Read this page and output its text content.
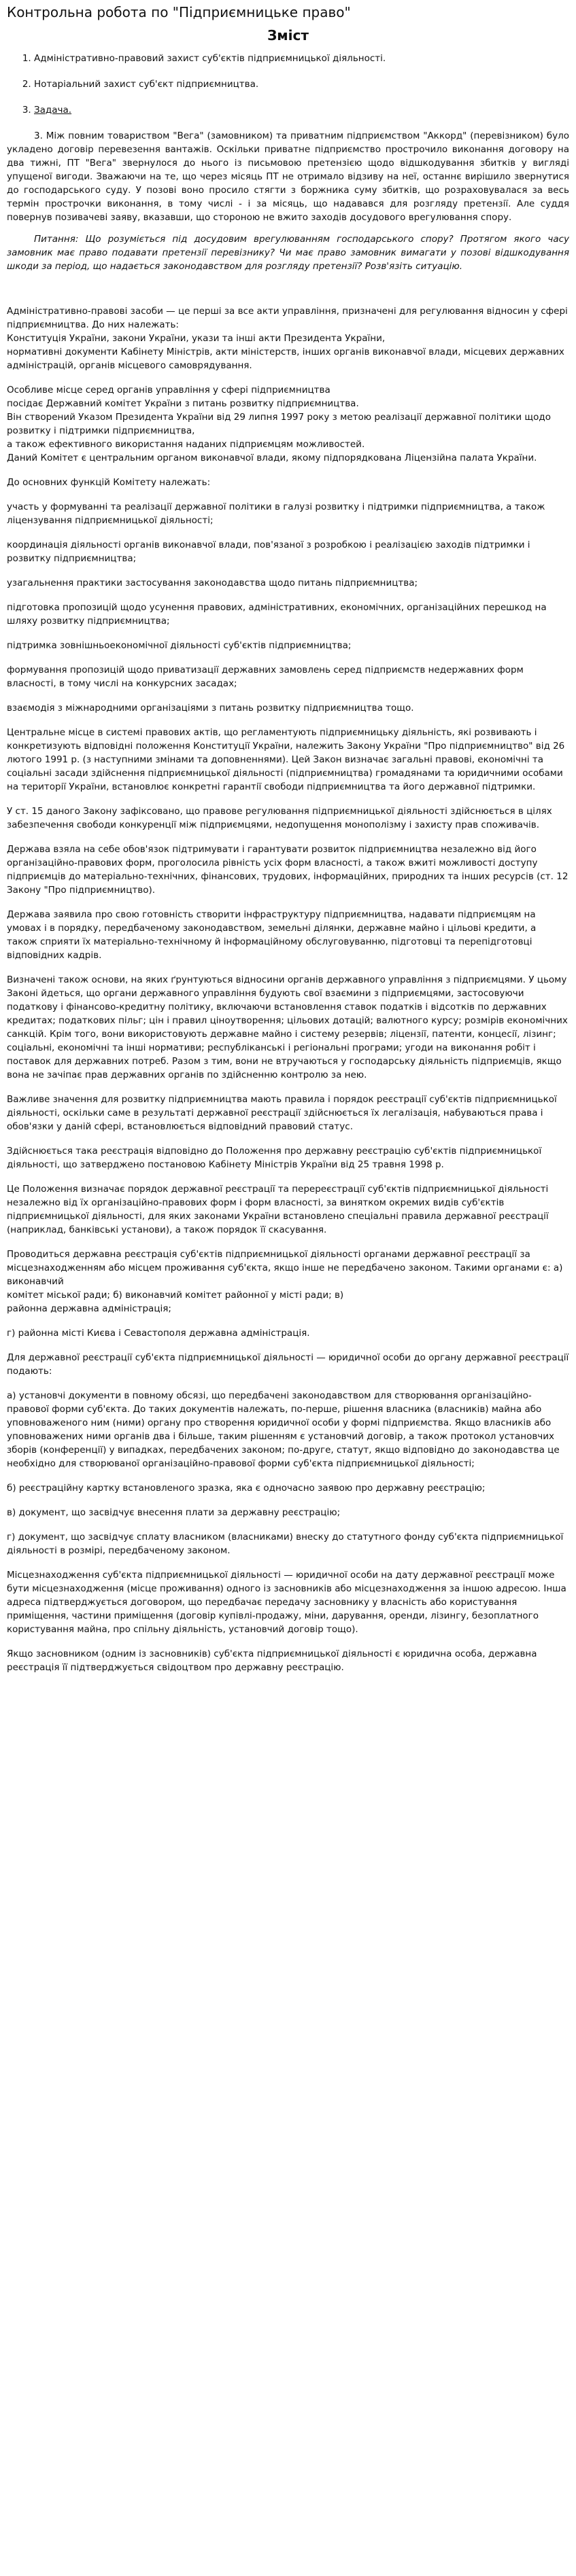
Контрольна робота по "Підприємницьке право"
Зміст
1. Адміністративно-правовий захист суб'єктів підприємницької діяльності.
2. Нотаріальний захист суб'єкт підприємництва.
3. Задача.

3. Між повним товариством "Вега" (замовником) та приватним підприємством "Аккорд" (перевізником) було укладено договір перевезення вантажів. Оскільки приватне підприємство прострочило виконання договору на два тижні, ПТ "Вега" звернулося до нього із письмовою претензією щодо відшкодування збитків у вигляді упущеної вигоди. Зважаючи на те, що через місяць ПТ не отримало відзиву на неї, останнє вирішило звернутися до господарського суду. У позові воно просило стягти з боржника суму збитків, що розраховувалася за весь термін прострочки виконання, в тому числі - і за місяць, що надавався для розгляду претензії. Але суддя повернув позивачеві заяву, вказавши, що стороною не вжито заходів досудового врегулювання спору.

Питання: Що розуміється під досудовим врегулюванням господарського спору? Протягом якого часу замовник має право подавати претензії перевізнику? Чи має право замовник вимагати у позові відшкодування шкоди за період, що надається законодавством для розгляду претензії? Розв'язіть ситуацію.

Адміністративно-правові засоби — це перші за все акти управління, призначені для регулювання відносин у сфері підприємництва. До них належать:

Конституція України, закони України, укази та інші акти Президента України,

нормативні документи Кабінету Міністрів, акти міністерств, інших органів виконавчої влади, місцевих державних адміністрацій, органів місцевого самоврядування.

Особливе місце серед органів управління у сфері підприємництва

посідає Державний комітет України з питань розвитку підприємництва.

Він створений Указом Президента України від 29 липня 1997 року з метою реалізації державної політики щодо розвитку і підтримки підприємництва,

а також ефективного використання наданих підприємцям можливостей.

Даний Комітет є центральним органом виконавчої влади, якому підпорядкована Ліцензійна палата України.

До основних функцій Комітету належать:

участь у формуванні та реалізації державної політики в галузі розвитку і підтримки підприємництва, а також ліцензування підприємницької діяльності;

координація діяльності органів виконавчої влади, пов'язаної з розробкою і реалізацією заходів підтримки і розвитку підприємництва;

узагальнення практики застосування законодавства щодо питань підприємництва;

підготовка пропозицій щодо усунення правових, адміністративних, економічних, організаційних перешкод на шляху розвитку підприємництва;

підтримка зовнішньоекономічної діяльності суб'єктів підприємництва;

формування пропозицій щодо приватизації державних замовлень серед підприємств недержавних форм власності, в тому числі на конкурсних засадах;

взаємодія з міжнародними організаціями з питань розвитку підприємництва тощо.

Центральне місце в системі правових актів, що регламентують підприємницьку діяльність, які розвивають і конкретизують відповідні положення Конституції України, належить Закону України "Про підприємництво" від 26 лютого 1991 р. (з наступними змінами та доповненнями). Цей Закон визначає загальні правові, економічні та соціальні засади здійснення підприємницької діяльності (підприємництва) громадянами та юридичними особами на території України, встановлює конкретні гарантії свободи підприємництва та його державної підтримки.

У ст. 15 даного Закону зафіксовано, що правове регулювання підприємницької діяльності здійснюється в цілях забезпечення свободи конкуренції між підприємцями, недопущення монополізму і захисту прав споживачів.

Держава взяла на себе обов'язок підтримувати і гарантувати розвиток підприємництва незалежно від його організаційно-правових форм, проголосила рівність усіх форм власності, а також вжиті можливості доступу підприємців до матеріально-технічних, фінансових, трудових, інформаційних, природних та інших ресурсів (ст. 12 Закону "Про підприємництво).

Держава заявила про свою готовність створити інфраструктуру підприємництва, надавати підприємцям на умовах і в порядку, передбаченому законодавством, земельні ділянки, державне майно і цільові кредити, а також сприяти їх матеріально-технічному й інформаційному обслуговуванню, підготовці та перепідготовці відповідних кадрів.

Визначені також основи, на яких ґрунтуються відносини органів державного управління з підприємцями. У цьому Законі йдеться, що органи державного управління будують свої взаємини з підприємцями, застосовуючи податкову і фінансово-кредитну політику, включаючи встановлення ставок податків і відсотків по державних кредитах; податкових пільг; цін і правил ціноутворення; цільових дотацій; валютного курсу; розмірів економічних санкцій. Крім того, вони використовують державне майно і систему резервів; ліцензії, патенти, концесії, лізинг; соціальні, економічні та інші нормативи; республіканські і регіональні програми; угоди на виконання робіт і поставок для державних потреб. Разом з тим, вони не втручаються у господарську діяльність підприємців, якщо вона не зачіпає прав державних органів по здійсненню контролю за нею.

Важливе значення для розвитку підприємництва мають правила і порядок реєстрації суб'єктів підприємницької діяльності, оскільки саме в результаті державної реєстрації здійснюється їх легалізація, набуваються права і обов'язки у даній сфері, встановлюється відповідний правовий статус.

Здійснюється така реєстрація відповідно до Положення про державну реєстрацію суб'єктів підприємницької діяльності, що затверджено постановою Кабінету Міністрів України від 25 травня 1998 р.

Це Положення визначає порядок державної реєстрації та перереєстрації суб'єктів підприємницької діяльності незалежно від їх організаційно-правових форм і форм власності, за винятком окремих видів суб'єктів підприємницької діяльності, для яких законами України встановлено спеціальні правила державної реєстрації (наприклад, банківські установи), а також порядок її скасування.

Проводиться державна реєстрація суб'єктів підприємницької діяльності органами державної реєстрації за місцезнаходженням або місцем проживання суб'єкта, якщо інше не передбачено законом. Такими органами є: а) виконавчий

комітет міської ради; б) виконавчий комітет районної у місті ради; в)

районна державна адміністрація;

г) районна місті Києва і Севастополя державна адміністрація.

Для державної реєстрації суб'єкта підприємницької діяльності — юридичної особи до органу державної реєстрації подають:

а) установчі документи в повному обсязі, що передбачені законодавством для створювання організаційно-правової форми суб'єкта. До таких документів належать, по-перше, рішення власника (власників) майна або уповноваженого ним (ними) органу про створення юридичної особи у формі підприємства. Якщо власників або уповноважених ними органів два і більше, таким рішенням є установчий договір, а також протокол установчих зборів (конференції) у випадках, передбачених законом; по-друге, статут, якщо відповідно до законодавства це необхідно для створюваної організаційно-правової форми суб'єкта підприємницької діяльності;

б) реєстраційну картку встановленого зразка, яка є одночасно заявою про державну реєстрацію;

в) документ, що засвідчує внесення плати за державну реєстрацію;

г) документ, що засвідчує сплату власником (власниками) внеску до статутного фонду суб'єкта підприємницької діяльності в розмірі, передбаченому законом.

Місцезнаходження суб'єкта підприємницької діяльності — юридичної особи на дату державної реєстрації може бути місцезнаходження (місце проживання) одного із засновників або місцезнаходження за іншою адресою. Інша адреса підтверджується договором, що передбачає передачу засновнику у власність або користування приміщення, частини приміщення (договір купівлі-продажу, міни, дарування, оренди, лізингу, безоплатного користування майна, про спільну діяльність, установчий договір тощо).

Якщо засновником (одним із засновників) суб'єкта підприємницької діяльності є юридична особа, державна реєстрація її підтверджується свідоцтвом про державну реєстрацію.
